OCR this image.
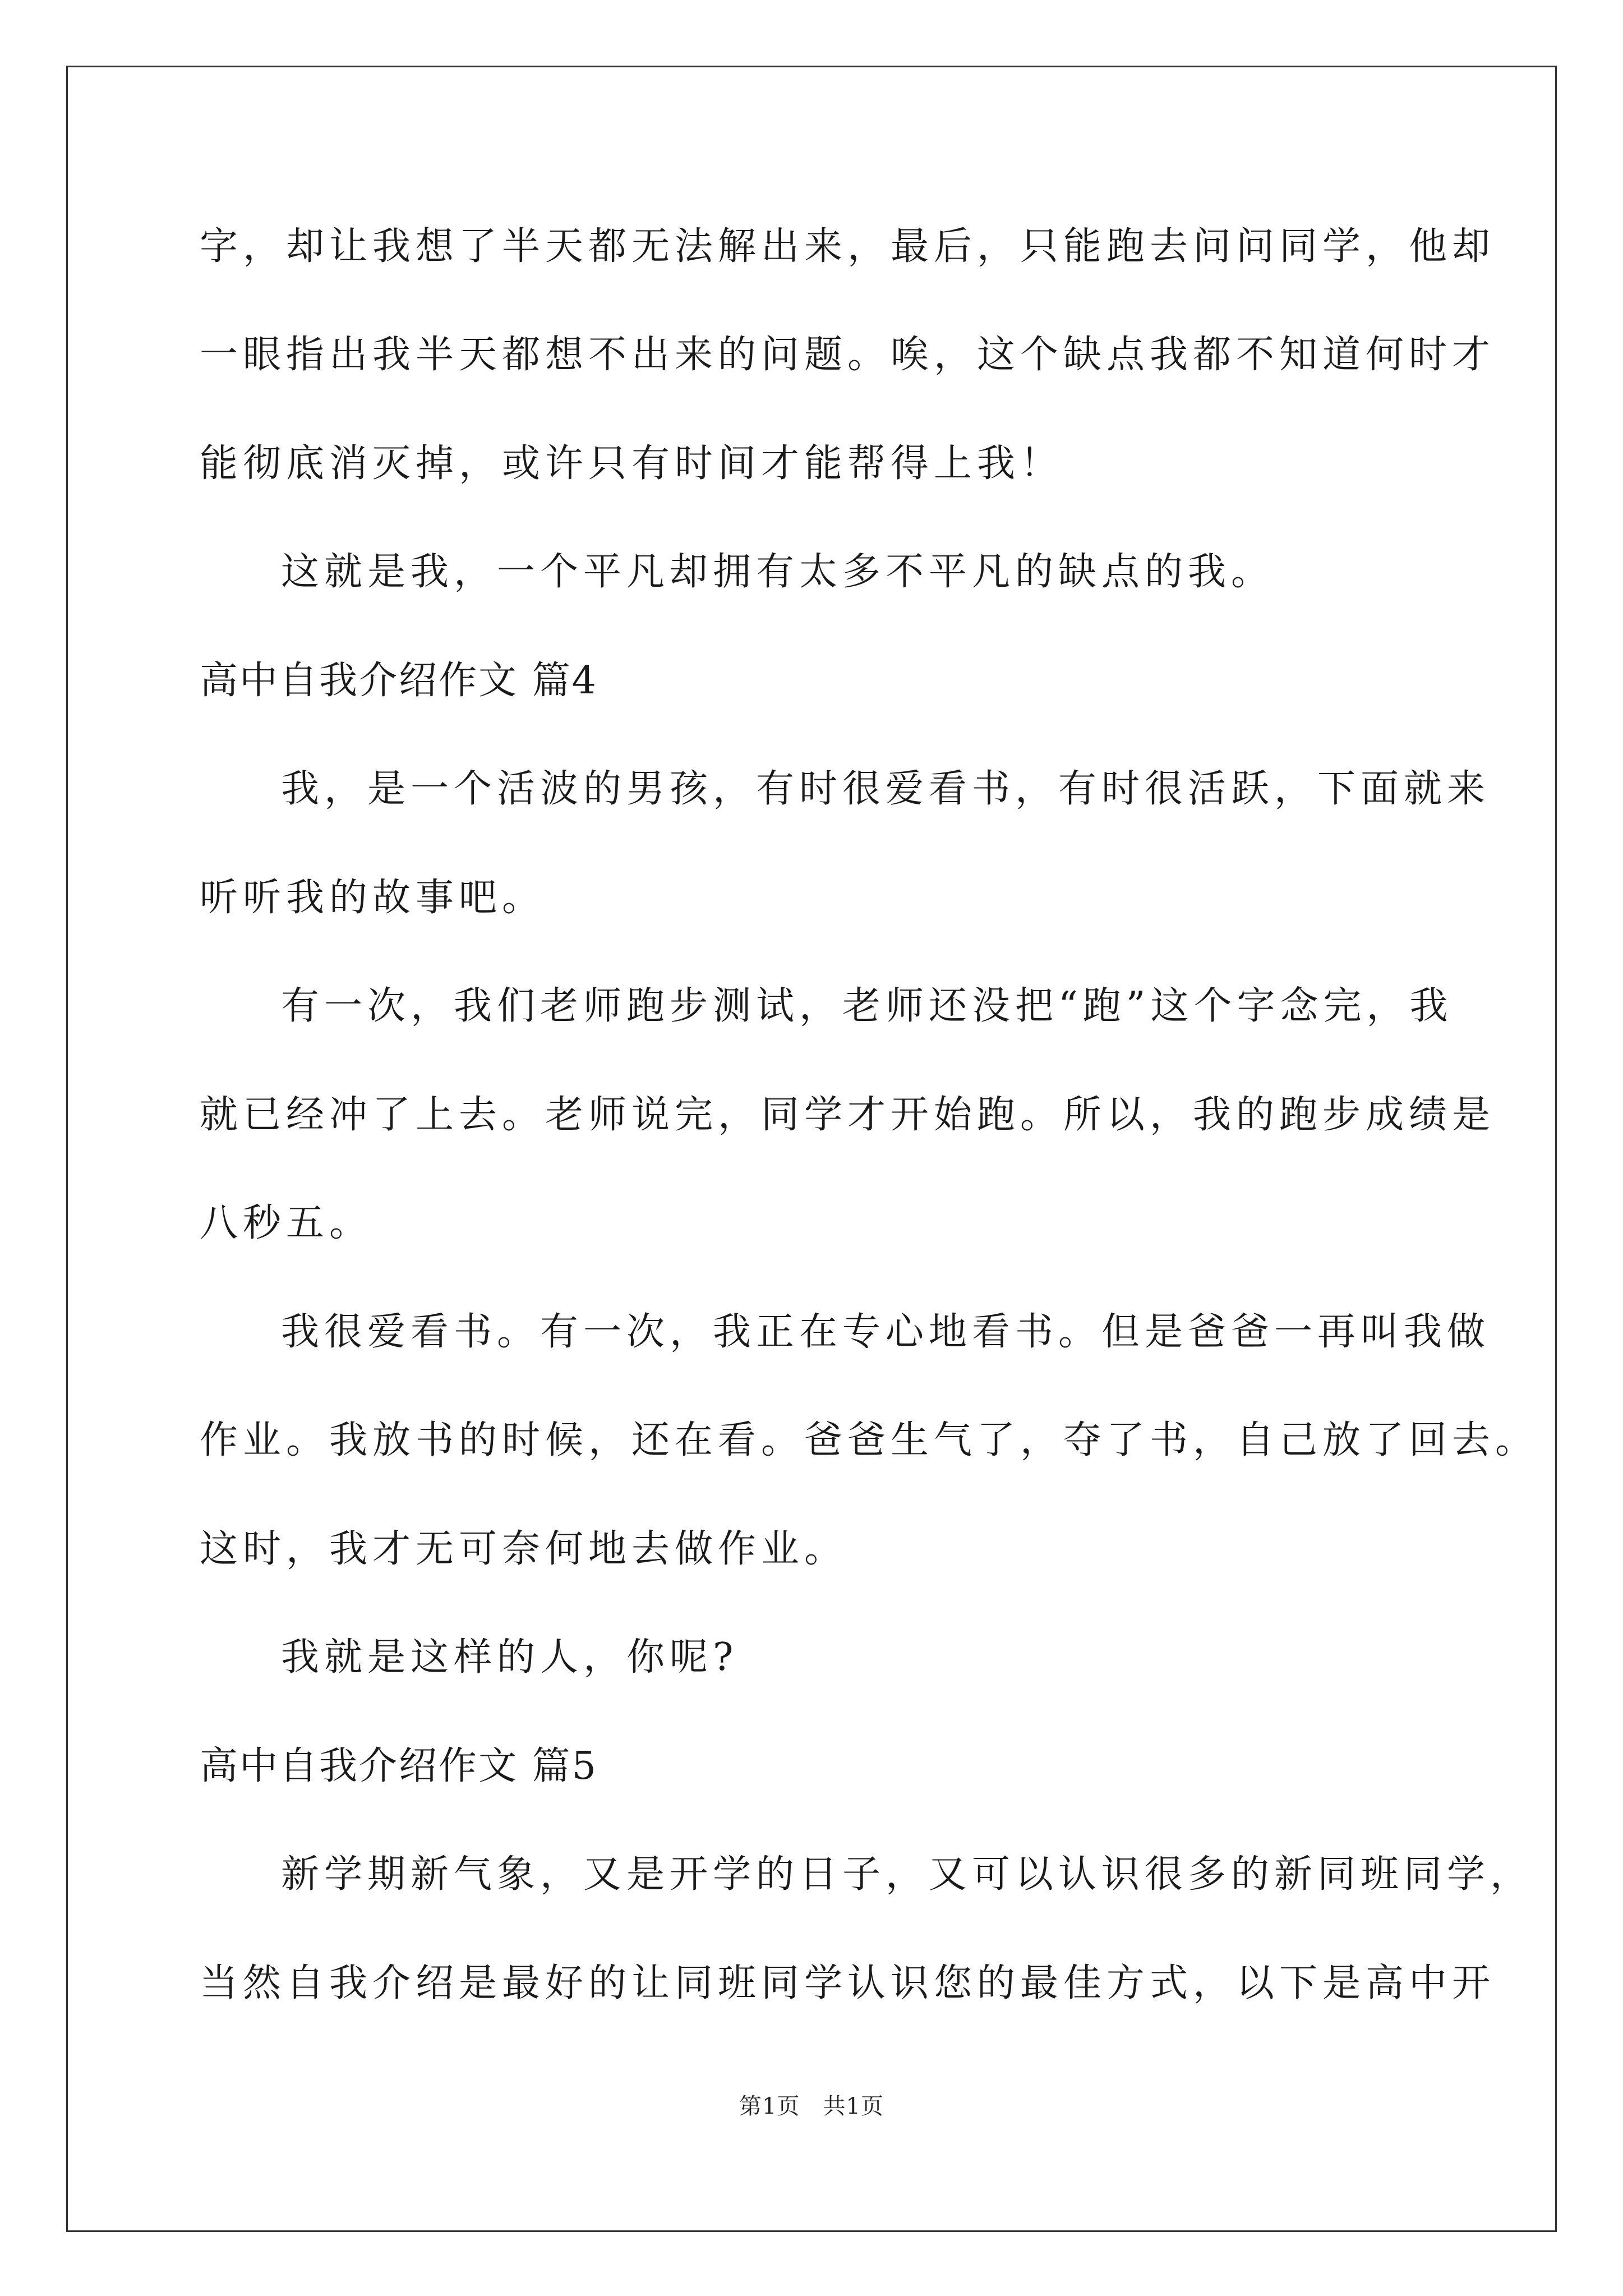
字，却让我想了半天都无法解出来，最后，只能跑去问问同学，他却
一眼指出我半天都想不出来的问题。唉，这个缺点我都不知道何时才
能彻底消灭掉，或许只有时间才能帮得上我！
这就是我，一个平凡却拥有太多不平凡的缺点的我。
高中自我介绍作文 篇4
我，是一个活波的男孩，有时很爱看书，有时很活跃，下面就来
听听我的故事吧。
有一次，我们老师跑步测试，老师还没把“跑”这个字念完，我
就已经冲了上去。老师说完，同学才开始跑。所以，我的跑步成绩是
八秒五。
我很爱看书。有一次，我正在专心地看书。但是爸爸一再叫我做
作业。我放书的时候，还在看。爸爸生气了，夺了书，自己放了回去。
这时，我才无可奈何地去做作业。
我就是这样的人，你呢?
高中自我介绍作文 篇5
新学期新气象，又是开学的日子，又可以认识很多的新同班同学，
当然自我介绍是最好的让同班同学认识您的最佳方式，以下是高中开
第1页　共1页
